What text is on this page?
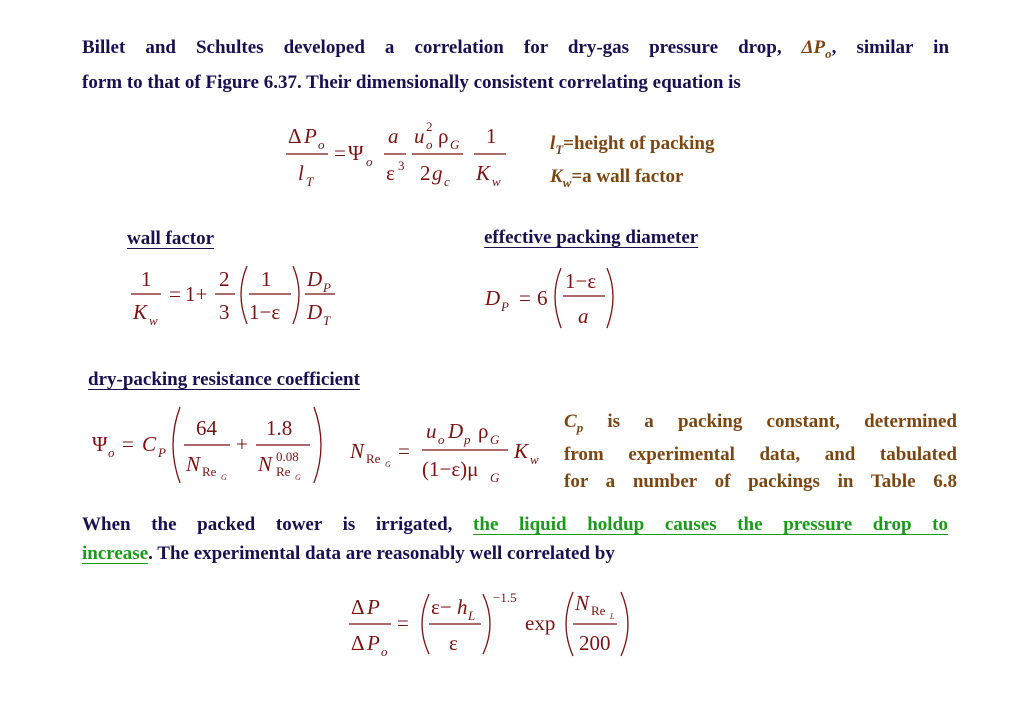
Billet and Schultes developed a correlation for dry-gas pressure drop, $\Delta P_o$, similar in
form to that of Figure 6.37. Their dimensionally consistent correlating equation is
Δ P o
l T
= Ψ o
a
ε 3
u 2
o ρ G
2 g c
1
K w
$l_T=height$ of packing
$K_w=a$ wall factor
wall factor	effective packing diameter
1
K w
= 1+
2
3
1
1−ε
D P
D T
D P = 6
1−ε
a
dry-packing resistance coefficient
Ψ o = C P
64
N Re G
+
1.8
N 0.08
Re G
N Re G
=
u o D p ρ G
(1−ε)μ G
K w
$C_p$ is a packing constant, determined
from experimental data, and tabulated
for a number of packings in Table 6.8
When the packed tower is irrigated, the liquid holdup causes the pressure drop to
increase. The experimental data are reasonably well correlated by
Δ P
Δ P o
=
ε− h L
ε
−1.5
exp
N Re L
200
